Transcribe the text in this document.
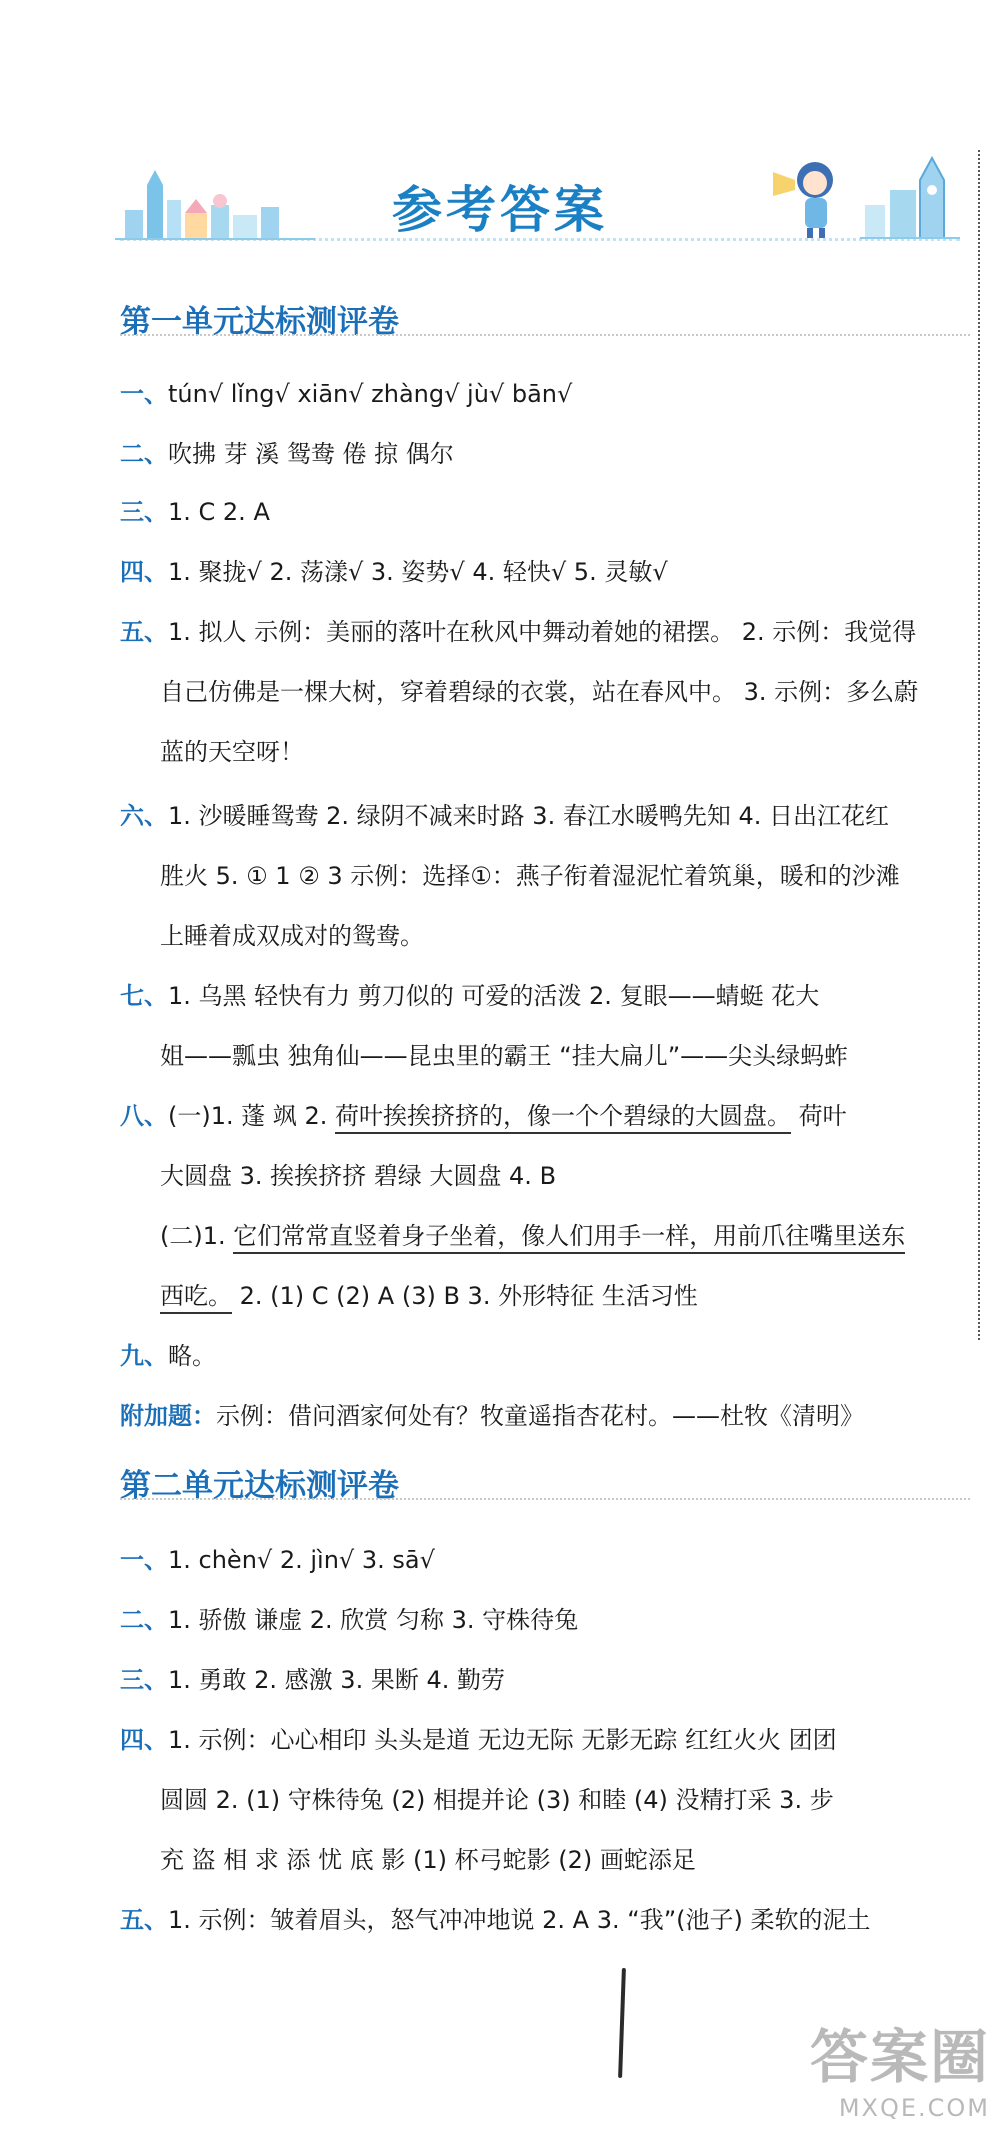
参考答案
第一单元达标测评卷
一、tún√ lǐng√ xiān√ zhàng√ jù√ bān√
二、吹拂 芽 溪 鸳鸯 倦 掠 偶尔
三、1. C 2. A
四、1. 聚拢√ 2. 荡漾√ 3. 姿势√ 4. 轻快√ 5. 灵敏√
五、1. 拟人 示例：美丽的落叶在秋风中舞动着她的裙摆。 2. 示例：我觉得
自己仿佛是一棵大树，穿着碧绿的衣裳，站在春风中。 3. 示例：多么蔚
蓝的天空呀！
六、1. 沙暖睡鸳鸯 2. 绿阴不减来时路 3. 春江水暖鸭先知 4. 日出江花红
胜火 5. ① 1 ② 3 示例：选择①：燕子衔着湿泥忙着筑巢，暖和的沙滩
上睡着成双成对的鸳鸯。
七、1. 乌黑 轻快有力 剪刀似的 可爱的活泼 2. 复眼——蜻蜓 花大
姐——瓢虫 独角仙——昆虫里的霸王 “挂大扁儿”——尖头绿蚂蚱
八、(一)1. 蓬 飒 2. 荷叶挨挨挤挤的，像一个个碧绿的大圆盘。 荷叶
大圆盘 3. 挨挨挤挤 碧绿 大圆盘 4. B
(二)1. 它们常常直竖着身子坐着，像人们用手一样，用前爪往嘴里送东
西吃。 2. (1) C (2) A (3) B 3. 外形特征 生活习性
九、略。
附加题：示例：借问酒家何处有？牧童遥指杏花村。——杜牧《清明》
第二单元达标测评卷
一、1. chèn√ 2. jìn√ 3. sā√
二、1. 骄傲 谦虚 2. 欣赏 匀称 3. 守株待兔
三、1. 勇敢 2. 感激 3. 果断 4. 勤劳
四、1. 示例：心心相印 头头是道 无边无际 无影无踪 红红火火 团团
圆圆 2. (1) 守株待兔 (2) 相提并论 (3) 和睦 (4) 没精打采 3. 步
充 盗 相 求 添 忧 底 影 (1) 杯弓蛇影 (2) 画蛇添足
五、1. 示例：皱着眉头，怒气冲冲地说 2. A 3. “我”(池子) 柔软的泥土
答案圈
MXQE.COM
